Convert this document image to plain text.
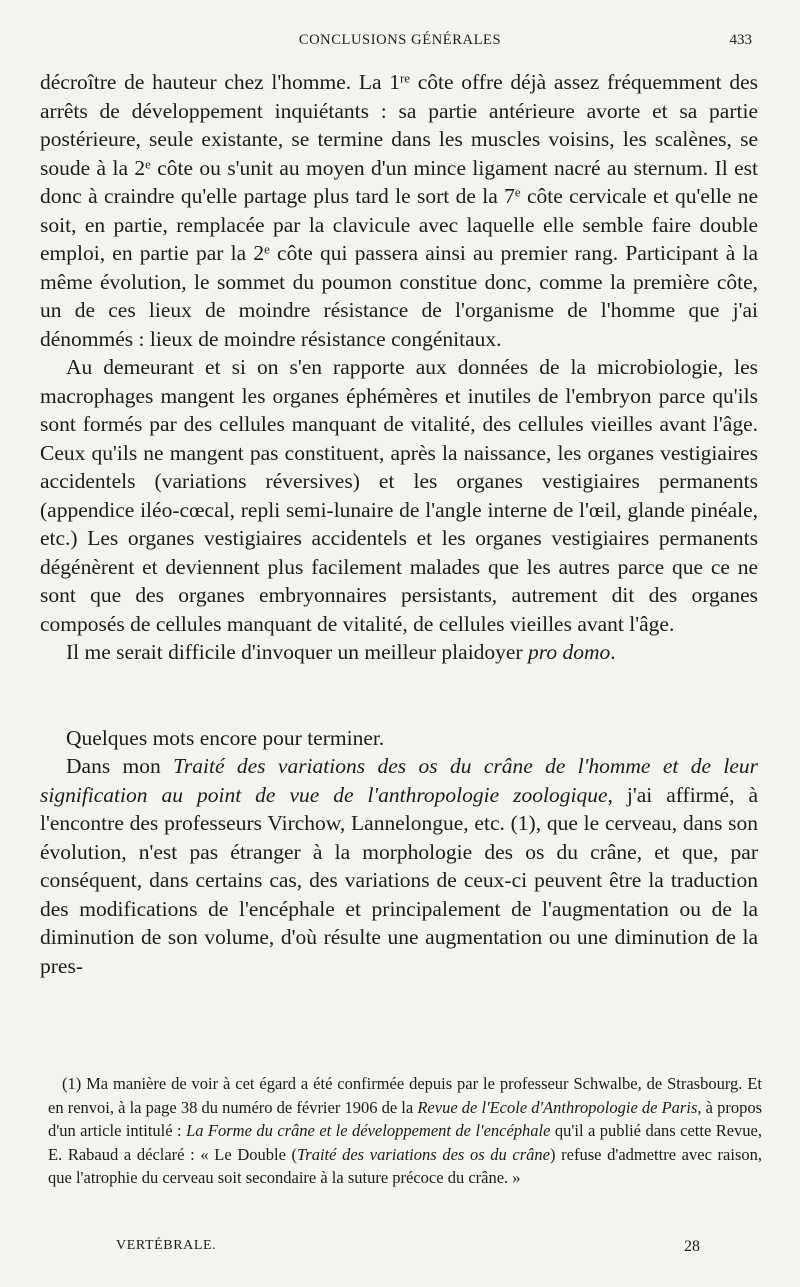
CONCLUSIONS GÉNÉRALES	433

décroître de hauteur chez l'homme. La 1re côte offre déjà assez fréquemment des arrêts de développement inquiétants : sa partie antérieure avorte et sa partie postérieure, seule existante, se termine dans les muscles voisins, les scalènes, se soude à la 2e côte ou s'unit au moyen d'un mince ligament nacré au sternum. Il est donc à craindre qu'elle partage plus tard le sort de la 7e côte cervicale et qu'elle ne soit, en partie, remplacée par la clavicule avec laquelle elle semble faire double emploi, en partie par la 2e côte qui passera ainsi au premier rang. Participant à la même évolution, le sommet du poumon constitue donc, comme la première côte, un de ces lieux de moindre résistance de l'organisme de l'homme que j'ai dénommés : lieux de moindre résistance congénitaux.

Au demeurant et si on s'en rapporte aux données de la microbiologie, les macrophages mangent les organes éphémères et inutiles de l'embryon parce qu'ils sont formés par des cellules manquant de vitalité, des cellules vieilles avant l'âge. Ceux qu'ils ne mangent pas constituent, après la naissance, les organes vestigiaires accidentels (variations réversives) et les organes vestigiaires permanents (appendice iléo-cœcal, repli semi-lunaire de l'angle interne de l'œil, glande pinéale, etc.) Les organes vestigiaires accidentels et les organes vestigiaires permanents dégénèrent et deviennent plus facilement malades que les autres parce que ce ne sont que des organes embryonnaires persistants, autrement dit des organes composés de cellules manquant de vitalité, de cellules vieilles avant l'âge.

Il me serait difficile d'invoquer un meilleur plaidoyer pro domo.

Quelques mots encore pour terminer.

Dans mon Traité des variations des os du crâne de l'homme et de leur signification au point de vue de l'anthropologie zoologique, j'ai affirmé, à l'encontre des professeurs Virchow, Lannelongue, etc. (1), que le cerveau, dans son évolution, n'est pas étranger à la morphologie des os du crâne, et que, par conséquent, dans certains cas, des variations de ceux-ci peuvent être la traduction des modifications de l'encéphale et principalement de l'augmentation ou de la diminution de son volume, d'où résulte une augmentation ou une diminution de la pres-

(1) Ma manière de voir à cet égard a été confirmée depuis par le professeur Schwalbe, de Strasbourg. Et en renvoi, à la page 38 du numéro de février 1906 de la Revue de l'Ecole d'Anthropologie de Paris, à propos d'un article intitulé : La Forme du crâne et le développement de l'encéphale qu'il a publié dans cette Revue, E. Rabaud a déclaré : « Le Double (Traité des variations des os du crâne) refuse d'admettre avec raison, que l'atrophie du cerveau soit secondaire à la suture précoce du crâne. »

VERTÉBRALE.	28
